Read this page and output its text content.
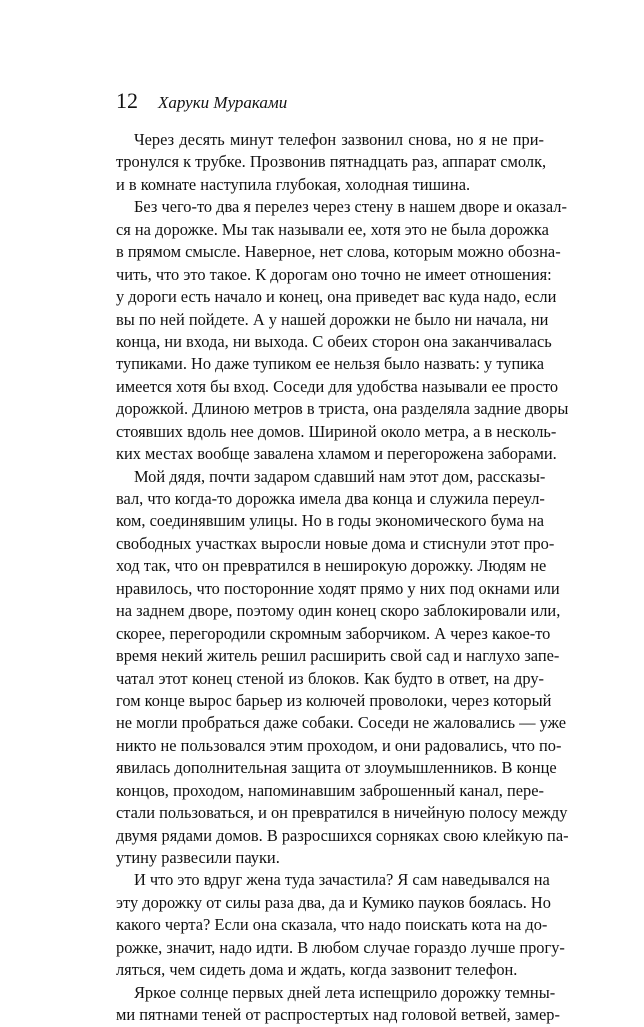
12 Харуки Мураками
Через десять минут телефон зазвонил снова, но я не при-
тронулся к трубке. Прозвонив пятнадцать раз, аппарат смолк,
и в комнате наступила глубокая, холодная тишина.
Без чего-то два я перелез через стену в нашем дворе и оказал-
ся на дорожке. Мы так называли ее, хотя это не была дорожка
в прямом смысле. Наверное, нет слова, которым можно обозна-
чить, что это такое. К дорогам оно точно не имеет отношения:
у дороги есть начало и конец, она приведет вас куда надо, если
вы по ней пойдете. А у нашей дорожки не было ни начала, ни
конца, ни входа, ни выхода. С обеих сторон она заканчивалась
тупиками. Но даже тупиком ее нельзя было назвать: у тупика
имеется хотя бы вход. Соседи для удобства называли ее просто
дорожкой. Длиною метров в триста, она разделяла задние дворы
стоявших вдоль нее домов. Шириной около метра, а в несколь-
ких местах вообще завалена хламом и перегорожена заборами.
Мой дядя, почти задаром сдавший нам этот дом, рассказы-
вал, что когда-то дорожка имела два конца и служила переул-
ком, соединявшим улицы. Но в годы экономического бума на
свободных участках выросли новые дома и стиснули этот про-
ход так, что он превратился в неширокую дорожку. Людям не
нравилось, что посторонние ходят прямо у них под окнами или
на заднем дворе, поэтому один конец скоро заблокировали или,
скорее, перегородили скромным заборчиком. А через какое-то
время некий житель решил расширить свой сад и наглухо запе-
чатал этот конец стеной из блоков. Как будто в ответ, на дру-
гом конце вырос барьер из колючей проволоки, через который
не могли пробраться даже собаки. Соседи не жаловались — уже
никто не пользовался этим проходом, и они радовались, что по-
явилась дополнительная защита от злоумышленников. В конце
концов, проходом, напоминавшим заброшенный канал, пере-
стали пользоваться, и он превратился в ничейную полосу между
двумя рядами домов. В разросшихся сорняках свою клейкую па-
утину развесили пауки.
И что это вдруг жена туда зачастила? Я сам наведывался на
эту дорожку от силы раза два, да и Кумико пауков боялась. Но
какого черта? Если она сказала, что надо поискать кота на до-
рожке, значит, надо идти. В любом случае гораздо лучше прогу-
ляться, чем сидеть дома и ждать, когда зазвонит телефон.
Яркое солнце первых дней лета испещрило дорожку темны-
ми пятнами теней от распростертых над головой ветвей, замер-
